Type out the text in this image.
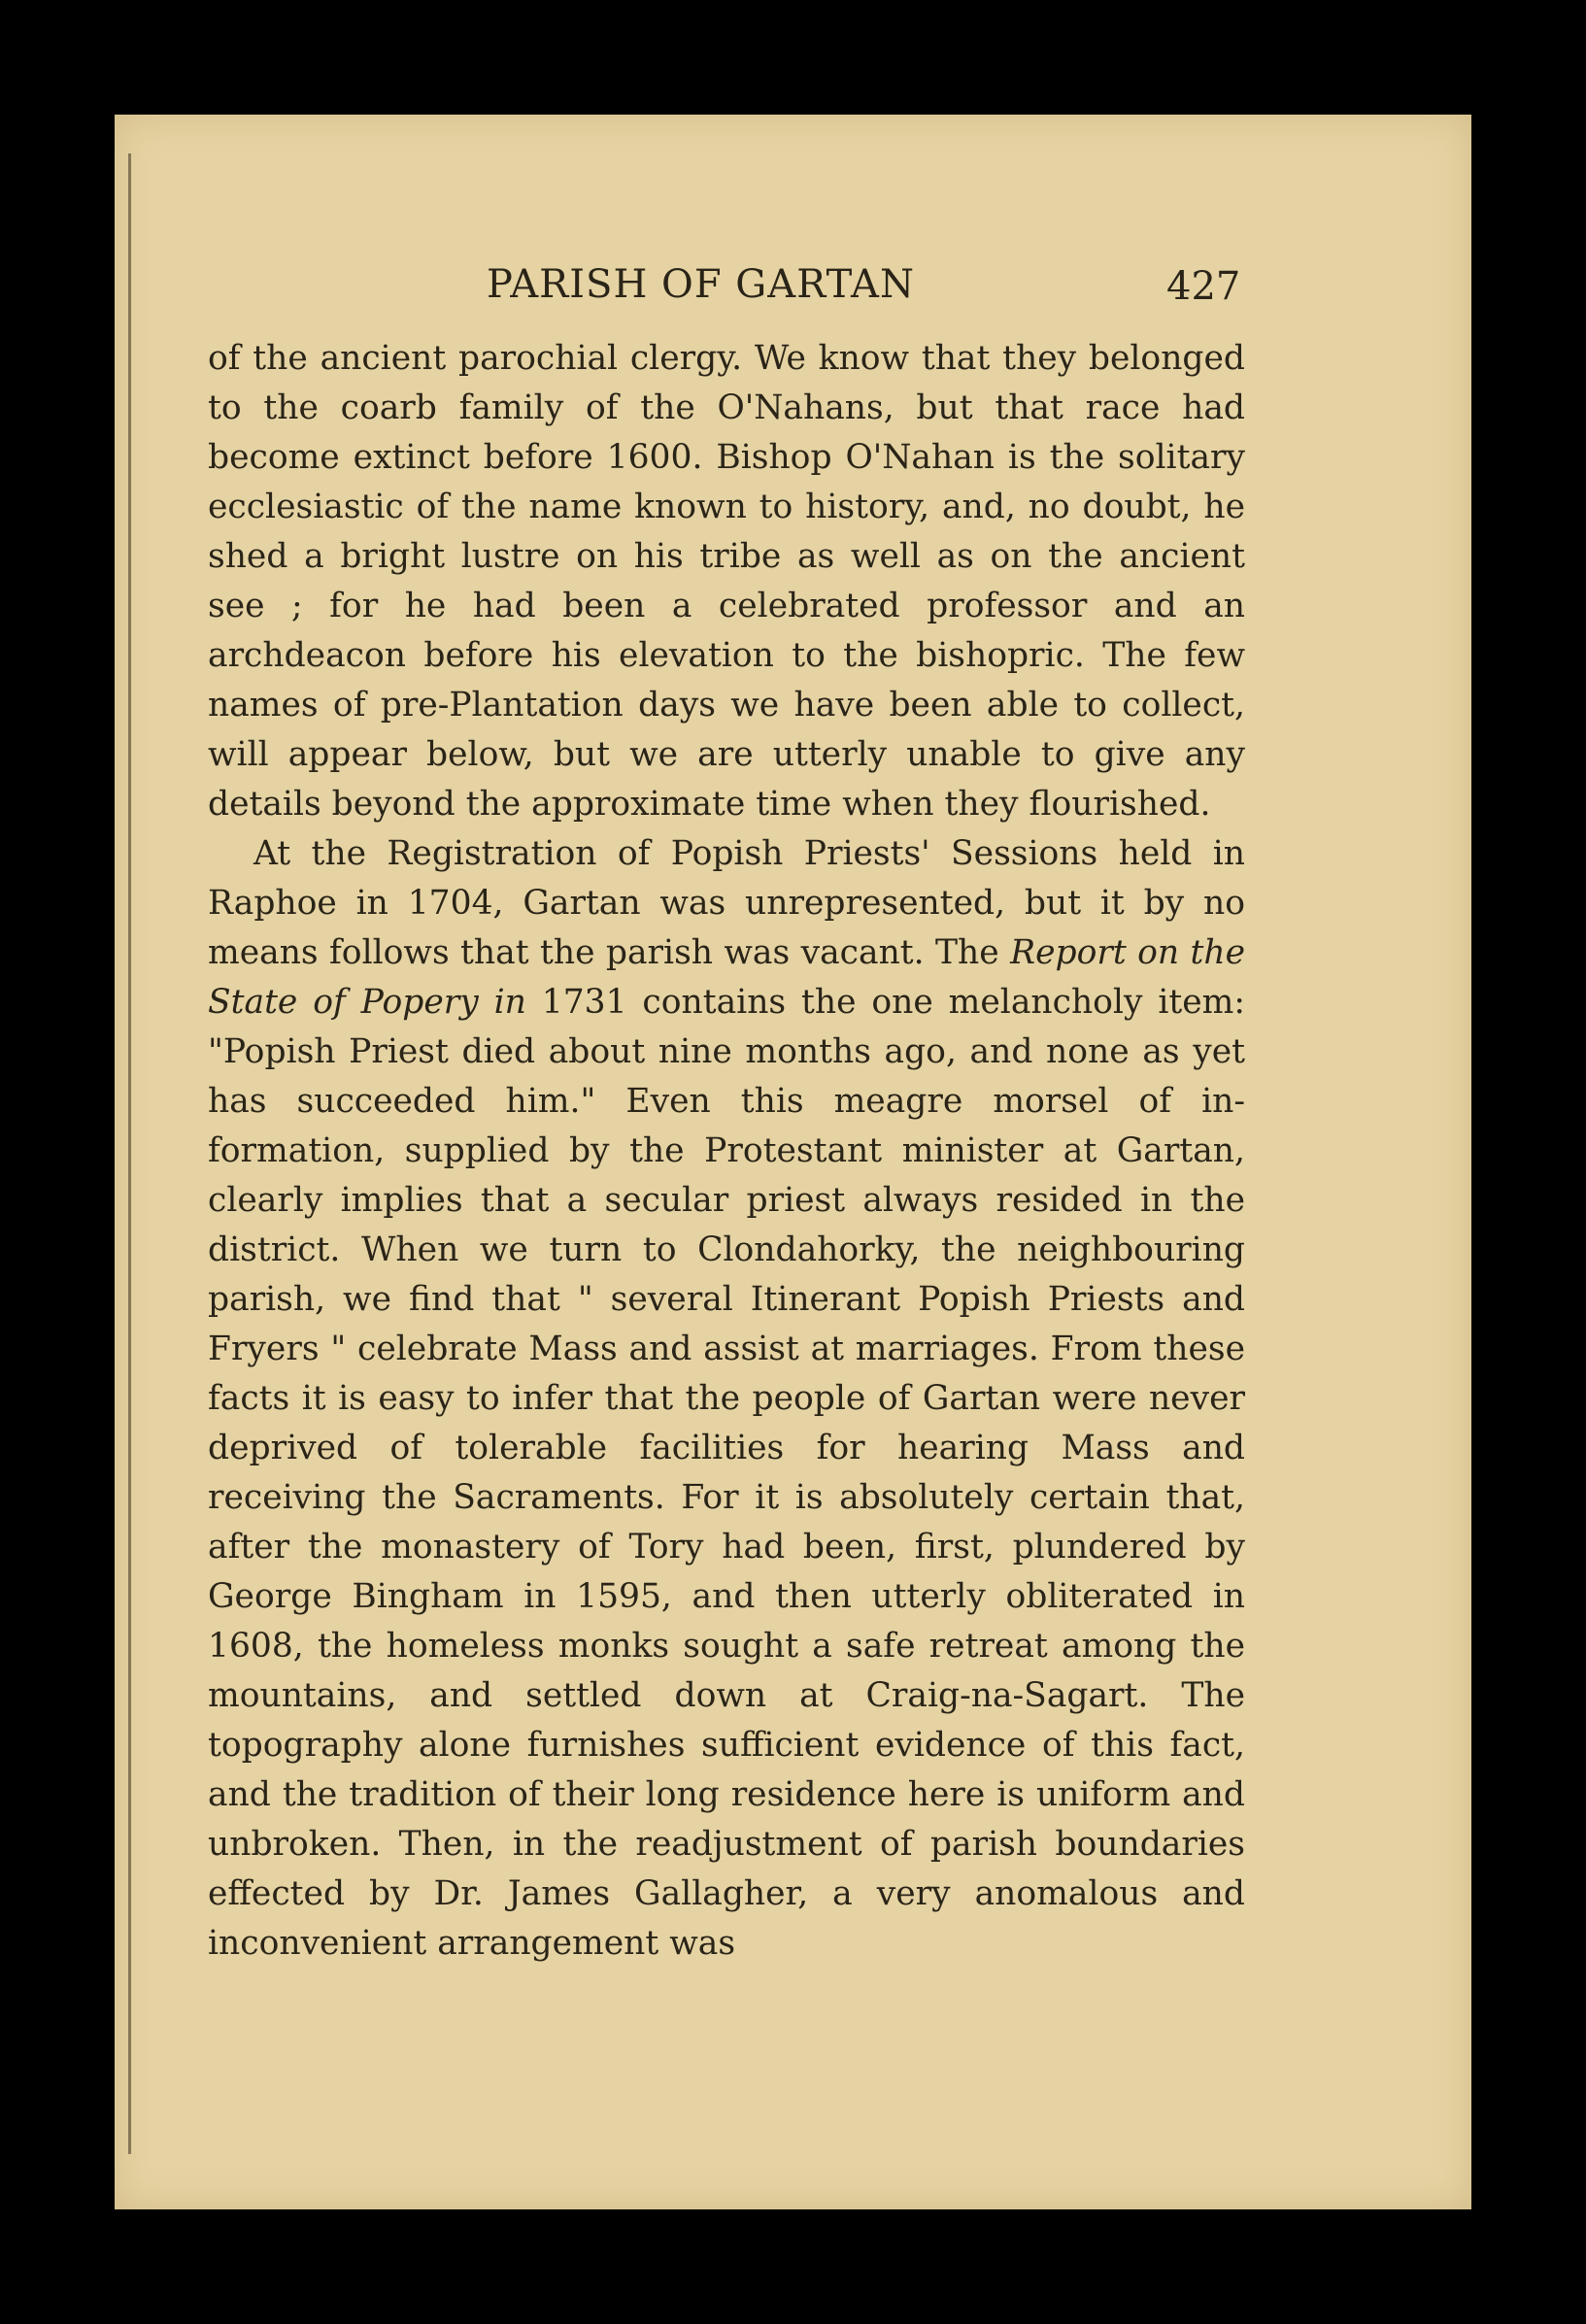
PARISH OF GARTAN	427

of the ancient parochial clergy. We know that they belonged to the coarb family of the O'Nahans, but that race had become extinct before 1600. Bishop O'Nahan is the solitary ecclesiastic of the name known to history, and, no doubt, he shed a bright lustre on his tribe as well as on the ancient see ; for he had been a celebrated professor and an archdeacon before his elevation to the bishopric. The few names of pre-Plantation days we have been able to collect, will appear below, but we are utterly unable to give any details beyond the approximate time when they flourished.

At the Registration of Popish Priests' Sessions held in Raphoe in 1704, Gartan was unrepresented, but it by no means follows that the parish was vacant. The Report on the State of Popery in 1731 contains the one melancholy item: "Popish Priest died about nine months ago, and none as yet has succeeded him." Even this meagre morsel of information, supplied by the Protestant minister at Gartan, clearly implies that a secular priest always resided in the district. When we turn to Clondahorky, the neighbouring parish, we find that " several Itinerant Popish Priests and Fryers " celebrate Mass and assist at marriages. From these facts it is easy to infer that the people of Gartan were never deprived of tolerable facilities for hearing Mass and receiving the Sacraments. For it is absolutely certain that, after the monastery of Tory had been, first, plundered by George Bingham in 1595, and then utterly obliterated in 1608, the homeless monks sought a safe retreat among the mountains, and settled down at Craig-na-Sagart. The topography alone furnishes sufficient evidence of this fact, and the tradition of their long residence here is uniform and unbroken. Then, in the readjustment of parish boundaries effected by Dr. James Gallagher, a very anomalous and inconvenient arrangement was
